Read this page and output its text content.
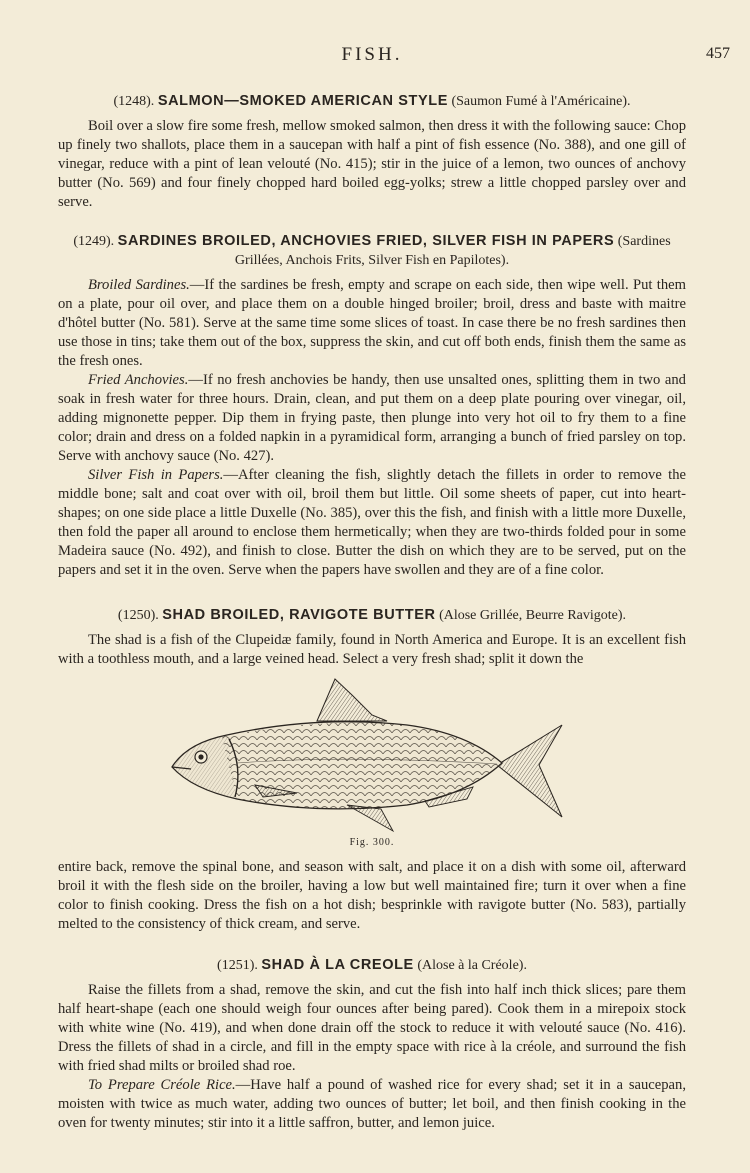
FISH.	457
(1248). SALMON—SMOKED AMERICAN STYLE (Saumon Fumé à l'Américaine).

Boil over a slow fire some fresh, mellow smoked salmon, then dress it with the following sauce: Chop up finely two shallots, place them in a saucepan with half a pint of fish essence (No. 388), and one gill of vinegar, reduce with a pint of lean velouté (No. 415); stir in the juice of a lemon, two ounces of anchovy butter (No. 569) and four finely chopped hard boiled egg-yolks; strew a little chopped parsley over and serve.

(1249). SARDINES BROILED, ANCHOVIES FRIED, SILVER FISH IN PAPERS (Sardines Grillées, Anchois Frits, Silver Fish en Papilotes).

Broiled Sardines.—If the sardines be fresh, empty and scrape on each side, then wipe well. Put them on a plate, pour oil over, and place them on a double hinged broiler; broil, dress and baste with maitre d'hôtel butter (No. 581). Serve at the same time some slices of toast. In case there be no fresh sardines then use those in tins; take them out of the box, suppress the skin, and cut off both ends, finish them the same as the fresh ones.

Fried Anchovies.—If no fresh anchovies be handy, then use unsalted ones, splitting them in two and soak in fresh water for three hours. Drain, clean, and put them on a deep plate pouring over vinegar, oil, adding mignonette pepper. Dip them in frying paste, then plunge into very hot oil to fry them to a fine color; drain and dress on a folded napkin in a pyramidical form, arranging a bunch of fried parsley on top. Serve with anchovy sauce (No. 427).

Silver Fish in Papers.—After cleaning the fish, slightly detach the fillets in order to remove the middle bone; salt and coat over with oil, broil them but little. Oil some sheets of paper, cut into heart-shapes; on one side place a little Duxelle (No. 385), over this the fish, and finish with a little more Duxelle, then fold the paper all around to enclose them hermetically; when they are two-thirds folded pour in some Madeira sauce (No. 492), and finish to close. Butter the dish on which they are to be served, put on the papers and set it in the oven. Serve when the papers have swollen and they are of a fine color.

(1250). SHAD BROILED, RAVIGOTE BUTTER (Alose Grillée, Beurre Ravigote).

The shad is a fish of the Clupeidæ family, found in North America and Europe. It is an excellent fish with a toothless mouth, and a large veined head. Select a very fresh shad; split it down the

Fig. 300.

entire back, remove the spinal bone, and season with salt, and place it on a dish with some oil, afterward broil it with the flesh side on the broiler, having a low but well maintained fire; turn it over when a fine color to finish cooking. Dress the fish on a hot dish; besprinkle with ravigote butter (No. 583), partially melted to the consistency of thick cream, and serve.

(1251). SHAD À LA CREOLE (Alose à la Créole).

Raise the fillets from a shad, remove the skin, and cut the fish into half inch thick slices; pare them half heart-shape (each one should weigh four ounces after being pared). Cook them in a mirepoix stock with white wine (No. 419), and when done drain off the stock to reduce it with velouté sauce (No. 416). Dress the fillets of shad in a circle, and fill in the empty space with rice à la créole, and surround the fish with fried shad milts or broiled shad roe.

To Prepare Créole Rice.—Have half a pound of washed rice for every shad; set it in a saucepan, moisten with twice as much water, adding two ounces of butter; let boil, and then finish cooking in the oven for twenty minutes; stir into it a little saffron, butter, and lemon juice.
